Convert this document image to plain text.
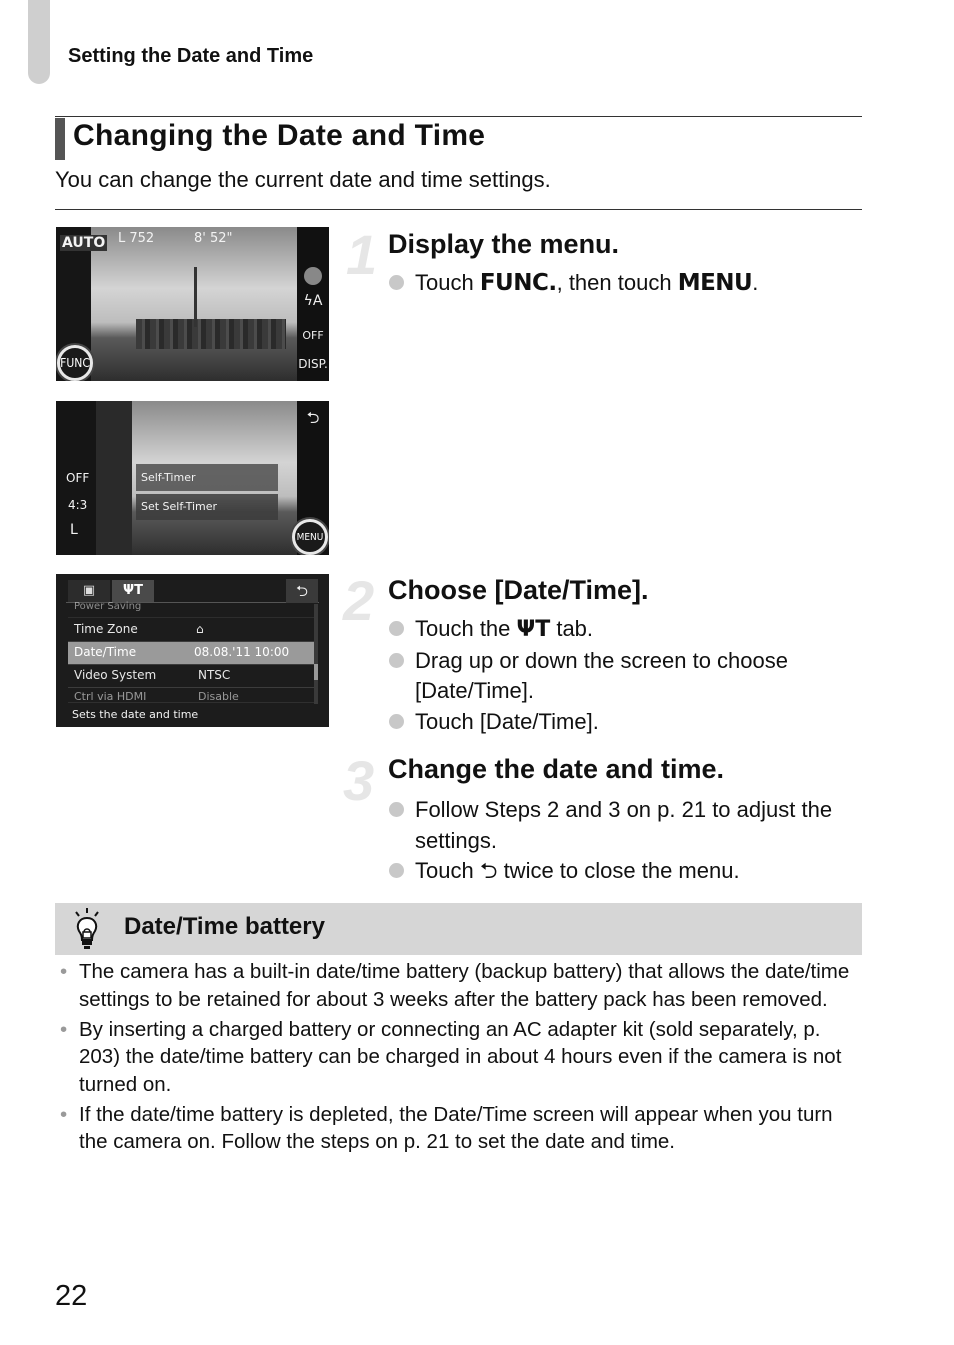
Setting the Date and Time
Changing the Date and Time

You can change the current date and time settings.

AUTO L 752	8' 52"
ϟA
OFF
DISP.
FUNC
OFF
4:3
L
Self-Timer
Set Self-Timer
⮌
MENU
▣	ΨT	⮌
Power Saving
Time Zone	⌂
Date/Time	08.08.'11 10:00
Video System	NTSC
Ctrl via HDMI	Disable
Sets the date and time
1 Display the menu.
Touch FUNC., then touch MENU.
2 Choose [Date/Time].
Touch the ΨT tab.
Drag up or down the screen to choose [Date/Time].
Touch [Date/Time].
3 Change the date and time.
Follow Steps 2 and 3 on p. 21 to adjust the settings.
Touch ⮌ twice to close the menu.
Date/Time battery
• The camera has a built-in date/time battery (backup battery) that allows the date/time settings to be retained for about 3 weeks after the battery pack has been removed.
• By inserting a charged battery or connecting an AC adapter kit (sold separately, p. 203) the date/time battery can be charged in about 4 hours even if the camera is not turned on.
• If the date/time battery is depleted, the Date/Time screen will appear when you turn the camera on. Follow the steps on p. 21 to set the date and time.
22
